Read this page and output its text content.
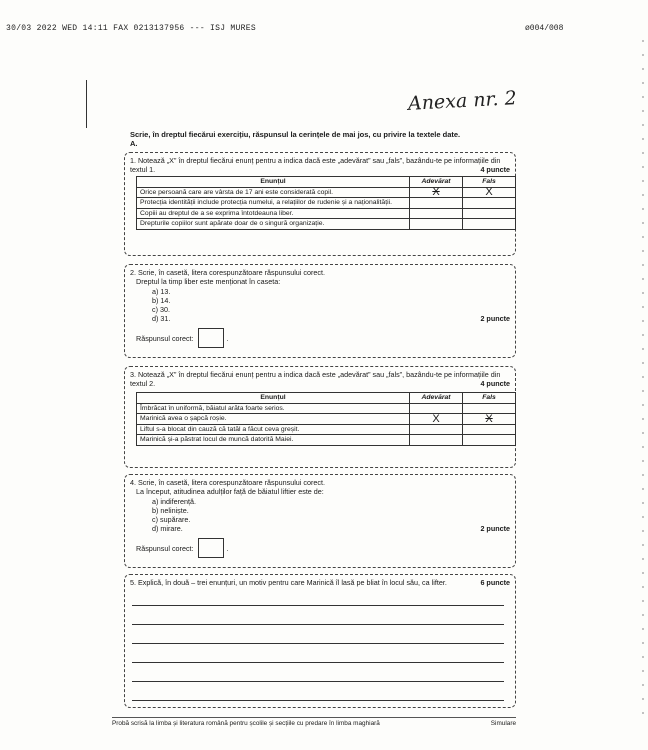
30/03 2022 WED 14:11 FAX 0213137956 --- ISJ MURES	ø004/008
Anexa nr. 2
Scrie, în dreptul fiecărui exercițiu, răspunsul la cerințele de mai jos, cu privire la textele date.
A.
1. Notează „X” în dreptul fiecărui enunț pentru a indica dacă este „adevărat” sau „fals”, bazându-te pe informațiile din textul 1.	4 puncte
Enunțul	Adevărat	Fals
Orice persoană care are vârsta de 17 ani este considerată copil.	X	X
Protecția identității include protecția numelui, a relațiilor de rudenie și a naționalității.		
Copiii au dreptul de a se exprima întotdeauna liber.		
Drepturile copiilor sunt apărate doar de o singură organizație.		
2. Scrie, în casetă, litera corespunzătoare răspunsului corect.
Dreptul la timp liber este menționat în caseta:
a) 13.
b) 14.
c) 30.
d) 31.	2 puncte
Răspunsul corect:	.
3. Notează „X” în dreptul fiecărui enunț pentru a indica dacă este „adevărat” sau „fals”, bazându-te pe informațiile din textul 2.	4 puncte
Enunțul	Adevărat	Fals
Îmbrăcat în uniformă, băiatul arăta foarte serios.		
Marinică avea o șapcă roșie.	X	X
Liftul s-a blocat din cauză că tatăl a făcut ceva greșit.		
Marinică și-a păstrat locul de muncă datorită Maiei.		
4. Scrie, în casetă, litera corespunzătoare răspunsului corect.
La început, atitudinea adulților față de băiatul liftier este de:
a) indiferență.
b) neliniște.
c) supărare.
d) mirare.	2 puncte
Răspunsul corect:	.
5. Explică, în două – trei enunțuri, un motiv pentru care Marinică îl lasă pe bliat în locul său, ca lifter.	6 puncte
Probă scrisă la limba și literatura română pentru școlile și secțiile cu predare în limba maghiară	Simulare
